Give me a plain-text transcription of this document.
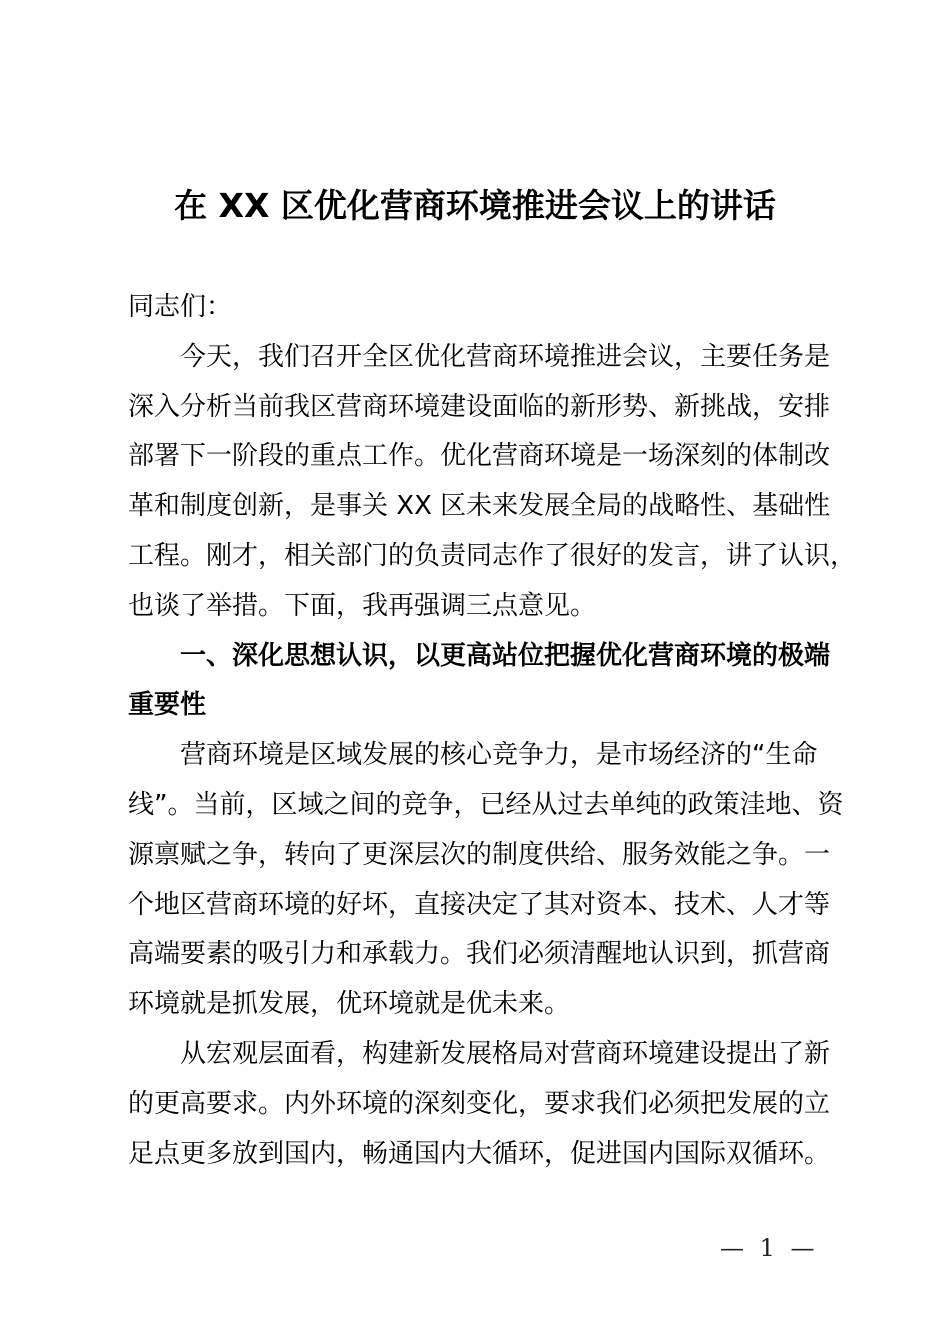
在 XX 区优化营商环境推进会议上的讲话
同志们：
今天，我们召开全区优化营商环境推进会议，主要任务是
深入分析当前我区营商环境建设面临的新形势、新挑战，安排
部署下一阶段的重点工作。优化营商环境是一场深刻的体制改
革和制度创新，是事关 XX 区未来发展全局的战略性、基础性
工程。刚才，相关部门的负责同志作了很好的发言，讲了认识，
也谈了举措。下面，我再强调三点意见。
一、深化思想认识，以更高站位把握优化营商环境的极端
重要性
营商环境是区域发展的核心竞争力，是市场经济的“生命
线”。当前，区域之间的竞争，已经从过去单纯的政策洼地、资
源禀赋之争，转向了更深层次的制度供给、服务效能之争。一
个地区营商环境的好坏，直接决定了其对资本、技术、人才等
高端要素的吸引力和承载力。我们必须清醒地认识到，抓营商
环境就是抓发展，优环境就是优未来。
从宏观层面看，构建新发展格局对营商环境建设提出了新
的更高要求。内外环境的深刻变化，要求我们必须把发展的立
足点更多放到国内，畅通国内大循环，促进国内国际双循环。
— 1 —
